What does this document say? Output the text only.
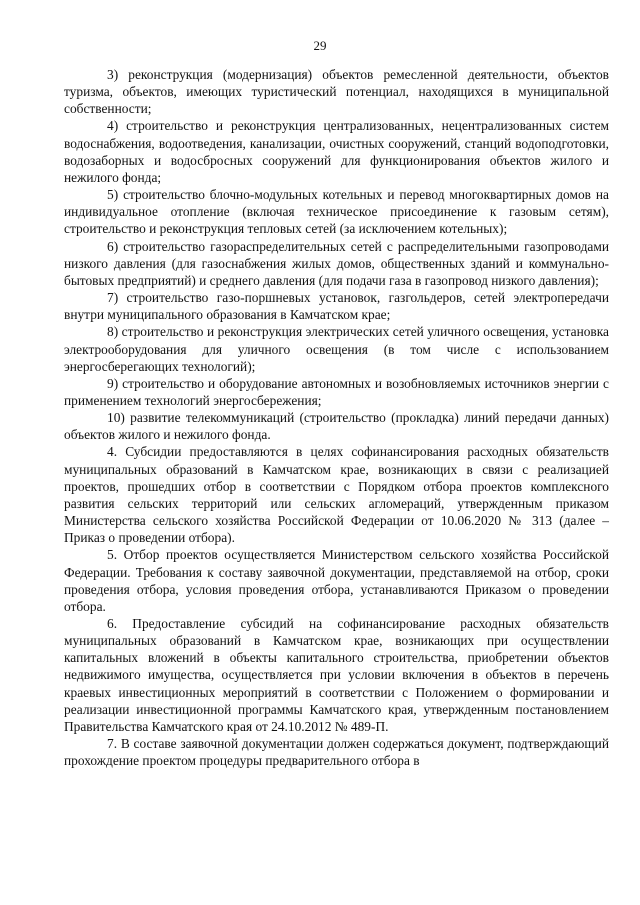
29

3) реконструкция (модернизация) объектов ремесленной деятельности, объектов туризма, объектов, имеющих туристический потенциал, находящихся в муниципальной собственности;

4) строительство и реконструкция централизованных, нецентрализованных систем водоснабжения, водоотведения, канализации, очистных сооружений, станций водоподготовки, водозаборных и водосбросных сооружений для функционирования объектов жилого и нежилого фонда;

5) строительство блочно-модульных котельных и перевод многоквартирных домов на индивидуальное отопление (включая техническое присоединение к газовым сетям), строительство и реконструкция тепловых сетей (за исключением котельных);

6) строительство газораспределительных сетей с распределительными газопроводами низкого давления (для газоснабжения жилых домов, общественных зданий и коммунально-бытовых предприятий) и среднего давления (для подачи газа в газопровод низкого давления);

7) строительство газо-поршневых установок, газгольдеров, сетей электропередачи внутри муниципального образования в Камчатском крае;

8) строительство и реконструкция электрических сетей уличного освещения, установка электрооборудования для уличного освещения (в том числе с использованием энергосберегающих технологий);

9) строительство и оборудование автономных и возобновляемых источников энергии с применением технологий энергосбережения;

10) развитие телекоммуникаций (строительство (прокладка) линий передачи данных) объектов жилого и нежилого фонда.

4. Субсидии предоставляются в целях софинансирования расходных обязательств муниципальных образований в Камчатском крае, возникающих в связи с реализацией проектов, прошедших отбор в соответствии с Порядком отбора проектов комплексного развития сельских территорий или сельских агломераций, утвержденным приказом Министерства сельского хозяйства Российской Федерации от 10.06.2020 № 313 (далее – Приказ о проведении отбора).

5. Отбор проектов осуществляется Министерством сельского хозяйства Российской Федерации. Требования к составу заявочной документации, представляемой на отбор, сроки проведения отбора, условия проведения отбора, устанавливаются Приказом о проведении отбора.

6. Предоставление субсидий на софинансирование расходных обязательств муниципальных образований в Камчатском крае, возникающих при осуществлении капитальных вложений в объекты капитального строительства, приобретении объектов недвижимого имущества, осуществляется при условии включения в объектов в перечень краевых инвестиционных мероприятий в соответствии с Положением о формировании и реализации инвестиционной программы Камчатского края, утвержденным постановлением Правительства Камчатского края от 24.10.2012 № 489-П.

7. В составе заявочной документации должен содержаться документ, подтверждающий прохождение проектом процедуры предварительного отбора в
